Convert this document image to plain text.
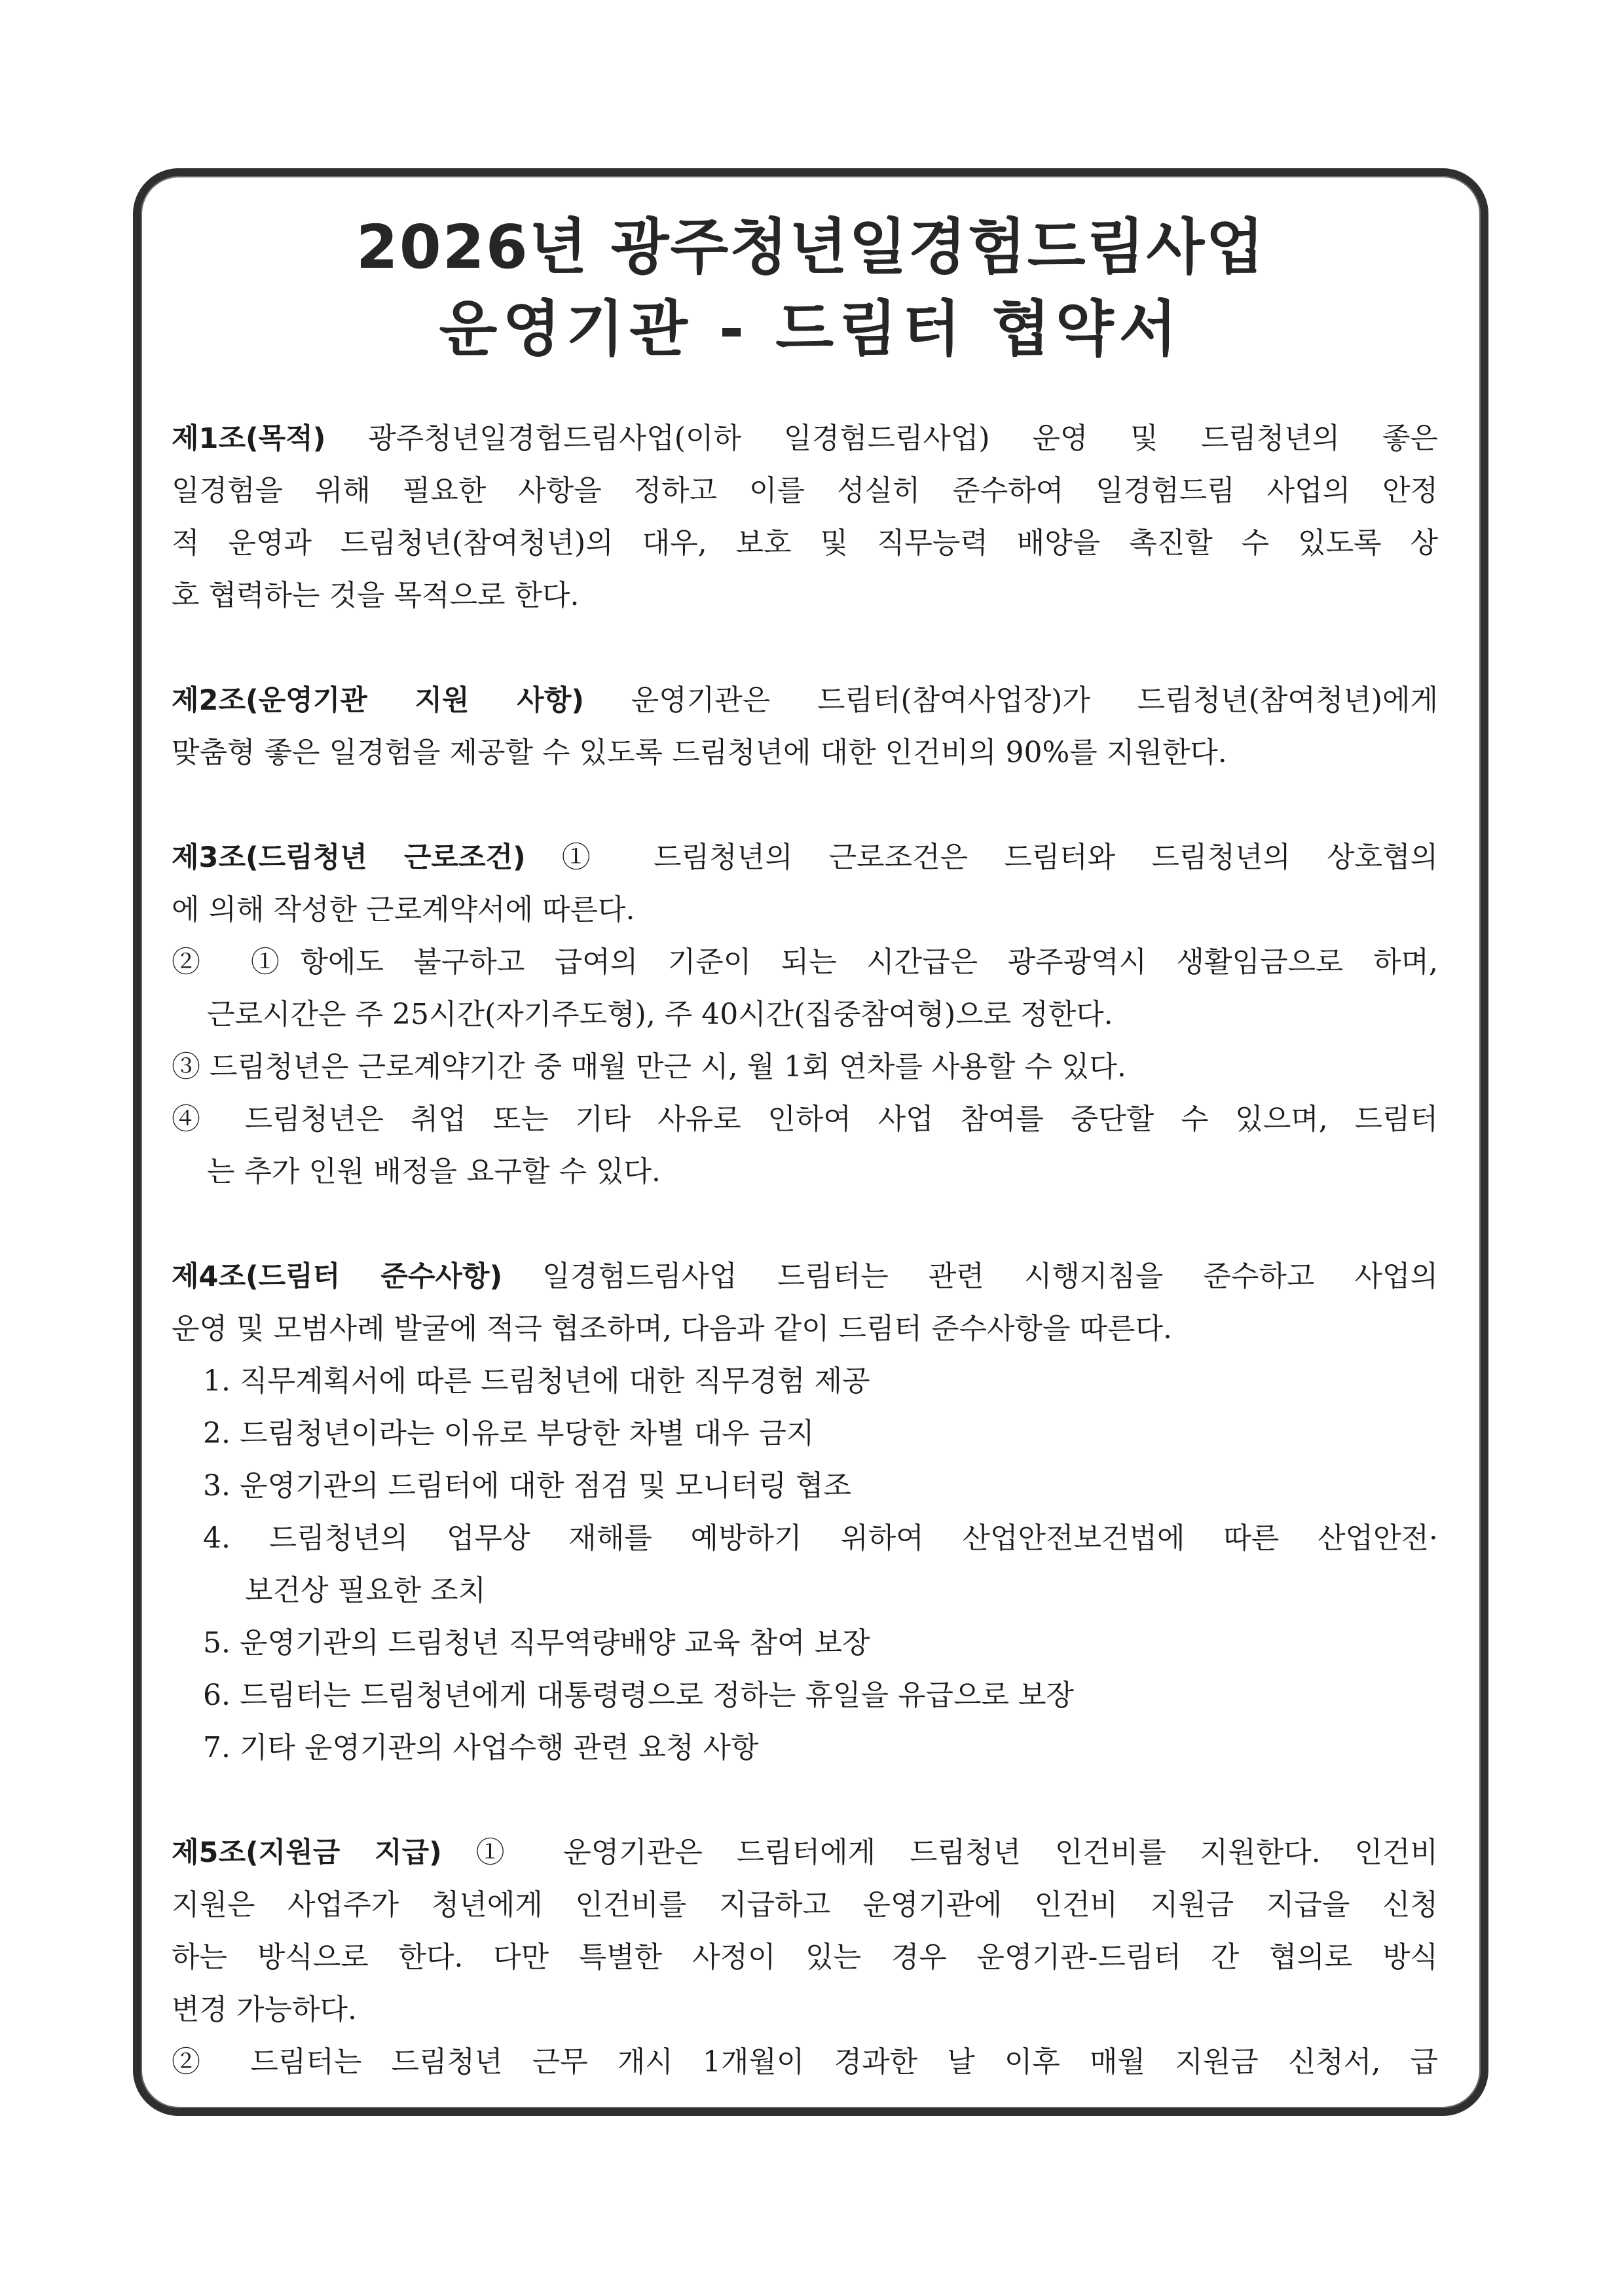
2026년 광주청년일경험드림사업
운영기관 - 드림터 협약서
제1조(목적) 광주청년일경험드림사업(이하 일경험드림사업) 운영 및 드림청년의 좋은
일경험을 위해 필요한 사항을 정하고 이를 성실히 준수하여 일경험드림 사업의 안정
적 운영과 드림청년(참여청년)의 대우, 보호 및 직무능력 배양을 촉진할 수 있도록 상
호 협력하는 것을 목적으로 한다.
제2조(운영기관 지원 사항) 운영기관은 드림터(참여사업장)가 드림청년(참여청년)에게
맞춤형 좋은 일경험을 제공할 수 있도록 드림청년에 대한 인건비의 90%를 지원한다.
제3조(드림청년 근로조건) ① 드림청년의 근로조건은 드림터와 드림청년의 상호협의
에 의해 작성한 근로계약서에 따른다.
② ①항에도 불구하고 급여의 기준이 되는 시간급은 광주광역시 생활임금으로 하며,
근로시간은 주 25시간(자기주도형), 주 40시간(집중참여형)으로 정한다.
③ 드림청년은 근로계약기간 중 매월 만근 시, 월 1회 연차를 사용할 수 있다.
④ 드림청년은 취업 또는 기타 사유로 인하여 사업 참여를 중단할 수 있으며, 드림터
는 추가 인원 배정을 요구할 수 있다.
제4조(드림터 준수사항) 일경험드림사업 드림터는 관련 시행지침을 준수하고 사업의
운영 및 모범사례 발굴에 적극 협조하며, 다음과 같이 드림터 준수사항을 따른다.
1. 직무계획서에 따른 드림청년에 대한 직무경험 제공
2. 드림청년이라는 이유로 부당한 차별 대우 금지
3. 운영기관의 드림터에 대한 점검 및 모니터링 협조
4. 드림청년의 업무상 재해를 예방하기 위하여 산업안전보건법에 따른 산업안전·
보건상 필요한 조치
5. 운영기관의 드림청년 직무역량배양 교육 참여 보장
6. 드림터는 드림청년에게 대통령령으로 정하는 휴일을 유급으로 보장
7. 기타 운영기관의 사업수행 관련 요청 사항
제5조(지원금 지급) ① 운영기관은 드림터에게 드림청년 인건비를 지원한다. 인건비
지원은 사업주가 청년에게 인건비를 지급하고 운영기관에 인건비 지원금 지급을 신청
하는 방식으로 한다. 다만 특별한 사정이 있는 경우 운영기관-드림터 간 협의로 방식
변경 가능하다.
② 드림터는 드림청년 근무 개시 1개월이 경과한 날 이후 매월 지원금 신청서, 급
